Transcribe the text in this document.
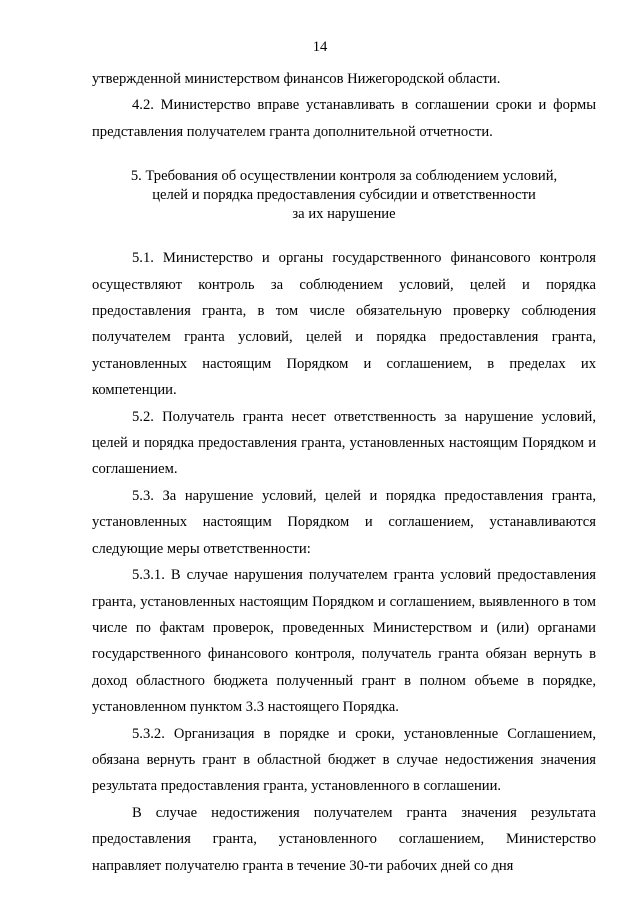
14

утвержденной министерством финансов Нижегородской области.

4.2. Министерство вправе устанавливать в соглашении сроки и формы представления получателем гранта дополнительной отчетности.

5. Требования об осуществлении контроля за соблюдением условий,
целей и порядка предоставления субсидии и ответственности
за их нарушение

5.1. Министерство и органы государственного финансового контроля осуществляют контроль за соблюдением условий, целей и порядка предоставления гранта, в том числе обязательную проверку соблюдения получателем гранта условий, целей и порядка предоставления гранта, установленных настоящим Порядком и соглашением, в пределах их компетенции.

5.2. Получатель гранта несет ответственность за нарушение условий, целей и порядка предоставления гранта, установленных настоящим Порядком и соглашением.

5.3. За нарушение условий, целей и порядка предоставления гранта, установленных настоящим Порядком и соглашением, устанавливаются следующие меры ответственности:

5.3.1. В случае нарушения получателем гранта условий предоставления гранта, установленных настоящим Порядком и соглашением, выявленного в том числе по фактам проверок, проведенных Министерством и (или) органами государственного финансового контроля, получатель гранта обязан вернуть в доход областного бюджета полученный грант в полном объеме в порядке, установленном пунктом 3.3 настоящего Порядка.

5.3.2. Организация в порядке и сроки, установленные Соглашением, обязана вернуть грант в областной бюджет в случае недостижения значения результата предоставления гранта, установленного в соглашении.

В случае недостижения получателем гранта значения результата предоставления гранта, установленного соглашением, Министерство направляет получателю гранта в течение 30-ти рабочих дней со дня
